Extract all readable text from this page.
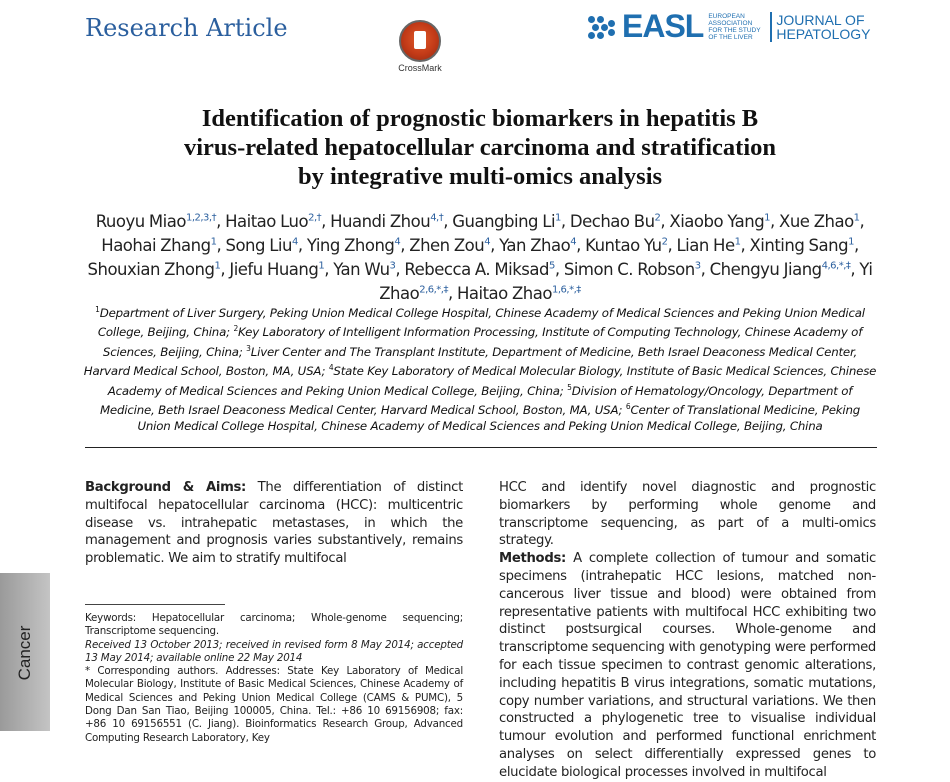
Research Article
CrossMark
EASL EUROPEAN
ASSOCIATION
FOR THE STUDY
OF THE LIVER
JOURNAL OF
HEPATOLOGY
Identification of prognostic biomarkers in hepatitis B
virus-related hepatocellular carcinoma and stratification
by integrative multi-omics analysis
Ruoyu Miao$^{1,2,3,\dagger}$, Haitao Luo$^{2,\dagger}$, Huandi Zhou$^{4,\dagger}$, Guangbing Li$^1$, Dechao Bu$^2$, Xiaobo Yang$^1$, Xue Zhao$^1$, Haohai Zhang$^1$, Song Liu$^4$, Ying Zhong$^4$, Zhen Zou$^4$, Yan Zhao$^4$, Kuntao Yu$^2$, Lian He$^1$, Xinting Sang$^1$, Shouxian Zhong$^1$, Jiefu Huang$^1$, Yan Wu$^3$, Rebecca A. Miksad$^5$, Simon C. Robson$^3$, Chengyu Jiang$^{4,6,*,\ddagger}$, Yi Zhao$^{2,6,*,\ddagger}$, Haitao Zhao$^{1,6,*,\ddagger}$
$^1$Department of Liver Surgery, Peking Union Medical College Hospital, Chinese Academy of Medical Sciences and Peking Union Medical College, Beijing, China; $^2$Key Laboratory of Intelligent Information Processing, Institute of Computing Technology, Chinese Academy of Sciences, Beijing, China; $^3$Liver Center and The Transplant Institute, Department of Medicine, Beth Israel Deaconess Medical Center, Harvard Medical School, Boston, MA, USA; $^4$State Key Laboratory of Medical Molecular Biology, Institute of Basic Medical Sciences, Chinese Academy of Medical Sciences and Peking Union Medical College, Beijing, China; $^5$Division of Hematology/Oncology, Department of Medicine, Beth Israel Deaconess Medical Center, Harvard Medical School, Boston, MA, USA; $^6$Center of Translational Medicine, Peking Union Medical College Hospital, Chinese Academy of Medical Sciences and Peking Union Medical College, Beijing, China
Background & Aims: The differentiation of distinct multifocal hepatocellular carcinoma (HCC): multicentric disease vs. intrahepatic metastases, in which the management and prognosis varies substantively, remains problematic. We aim to stratify multifocal
HCC and identify novel diagnostic and prognostic biomarkers by performing whole genome and transcriptome sequencing, as part of a multi-omics strategy.
Methods: A complete collection of tumour and somatic specimens (intrahepatic HCC lesions, matched non-cancerous liver tissue and blood) were obtained from representative patients with multifocal HCC exhibiting two distinct postsurgical courses. Whole-genome and transcriptome sequencing with genotyping were performed for each tissue specimen to contrast genomic alterations, including hepatitis B virus integrations, somatic mutations, copy number variations, and structural variations. We then constructed a phylogenetic tree to visualise individual tumour evolution and performed functional enrichment analyses on select differentially expressed genes to elucidate biological processes involved in multifocal
Keywords: Hepatocellular carcinoma; Whole-genome sequencing; Transcriptome sequencing.
Received 13 October 2013; received in revised form 8 May 2014; accepted 13 May 2014; available online 22 May 2014
* Corresponding authors. Addresses: State Key Laboratory of Medical Molecular Biology, Institute of Basic Medical Sciences, Chinese Academy of Medical Sciences and Peking Union Medical College (CAMS & PUMC), 5 Dong Dan San Tiao, Beijing 100005, China. Tel.: +86 10 69156908; fax: +86 10 69156551 (C. Jiang). Bioinformatics Research Group, Advanced Computing Research Laboratory, Key
Cancer
